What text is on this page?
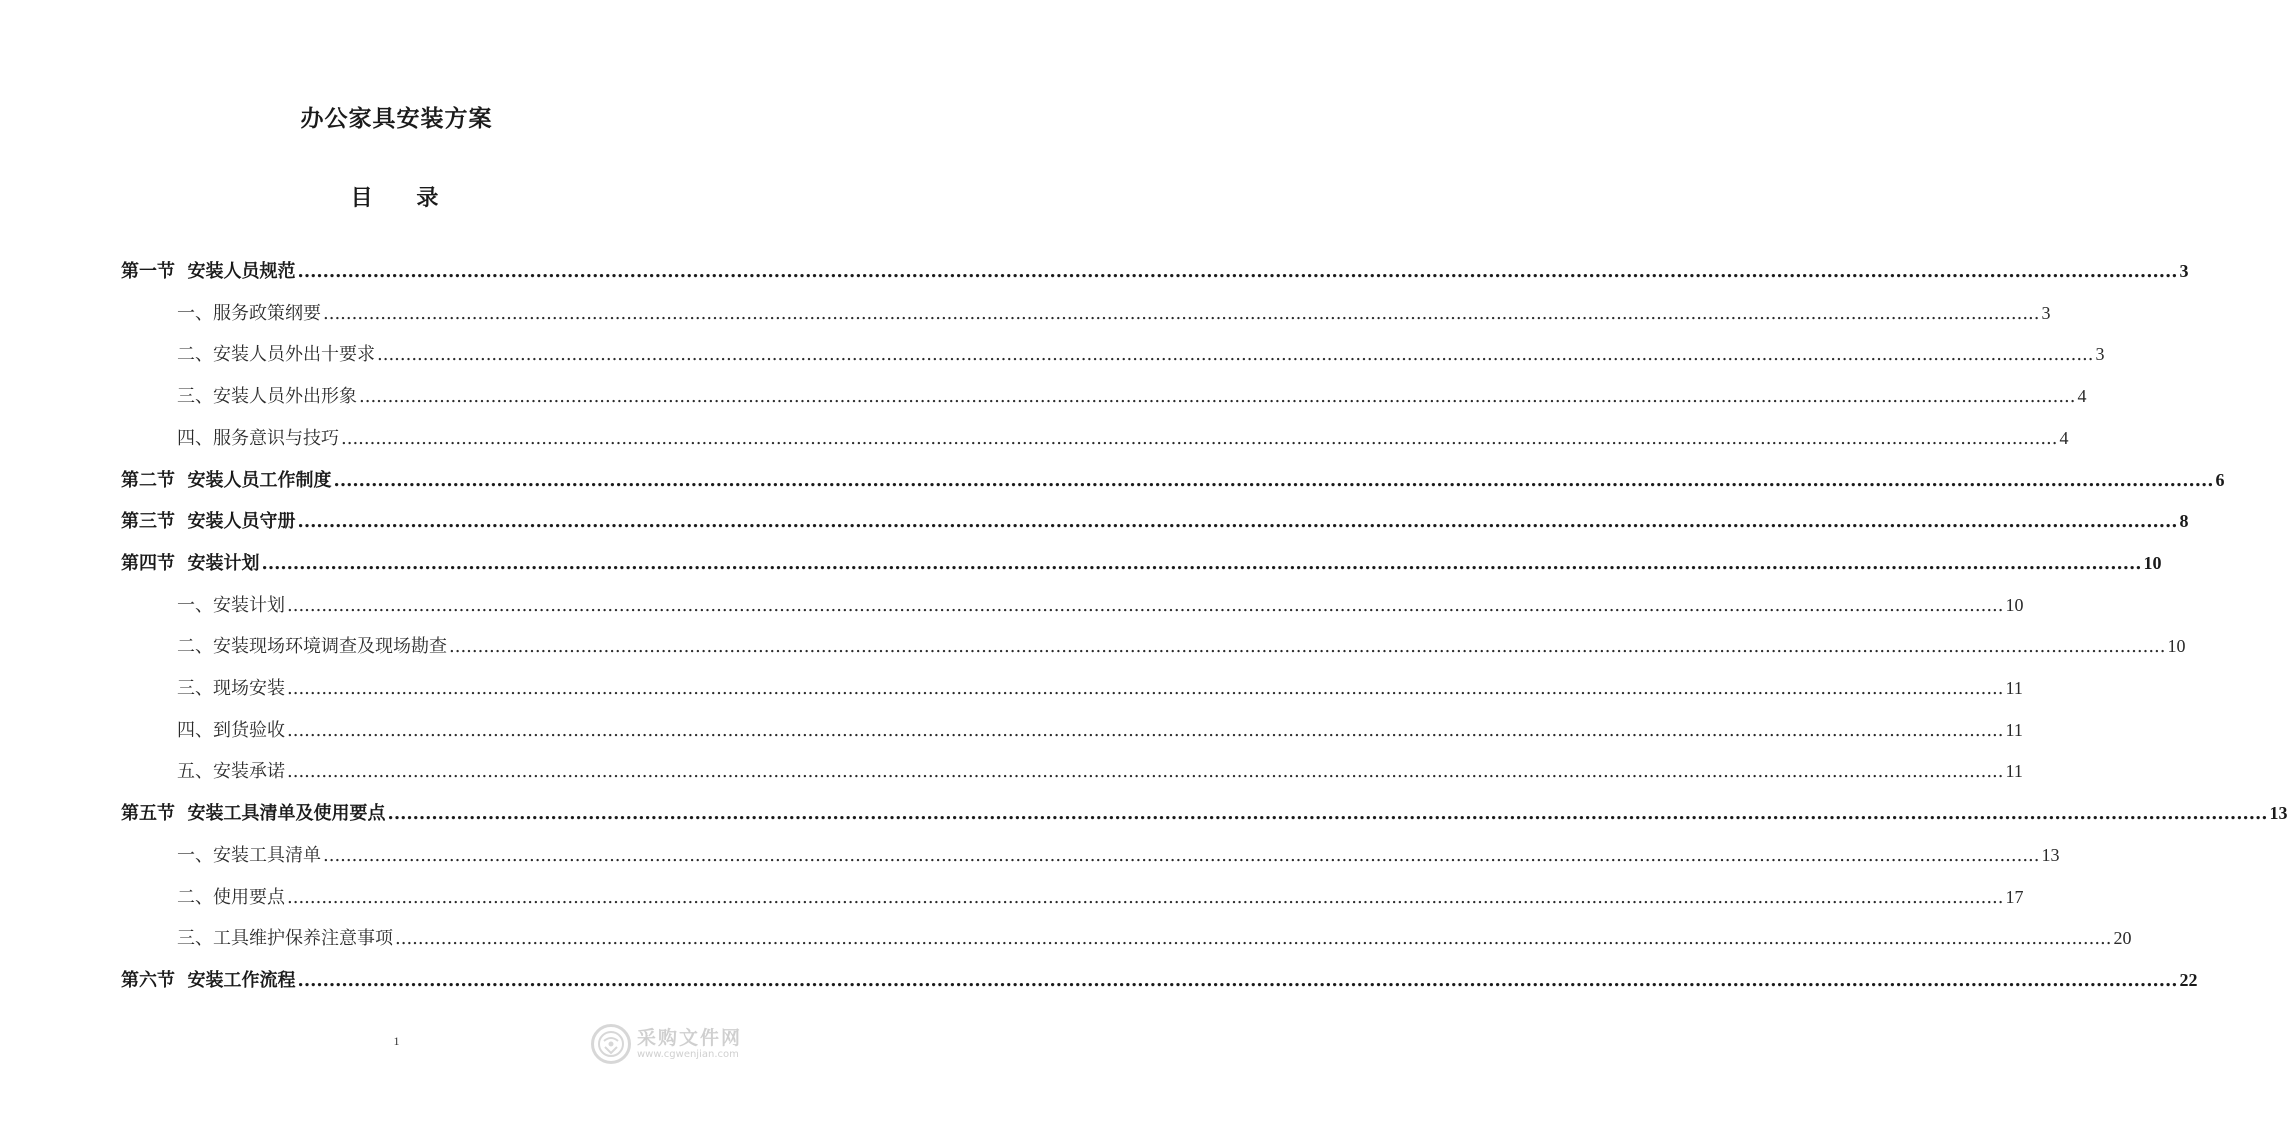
办公家具安装方案
目 录
第一节  安装人员规范 ............................................................................................................................................................................................................................................................................................................ 3
一、服务政策纲要 ............................................................................................................................................................................................................................................................................................................ 3
二、安装人员外出十要求 ............................................................................................................................................................................................................................................................................................................ 3
三、安装人员外出形象 ............................................................................................................................................................................................................................................................................................................ 4
四、服务意识与技巧 ............................................................................................................................................................................................................................................................................................................ 4
第二节  安装人员工作制度 ............................................................................................................................................................................................................................................................................................................ 6
第三节  安装人员守册 ............................................................................................................................................................................................................................................................................................................ 8
第四节  安装计划 ............................................................................................................................................................................................................................................................................................................ 10
一、安装计划 ............................................................................................................................................................................................................................................................................................................ 10
二、安装现场环境调查及现场勘查 ............................................................................................................................................................................................................................................................................................................ 10
三、现场安装 ............................................................................................................................................................................................................................................................................................................ 11
四、到货验收 ............................................................................................................................................................................................................................................................................................................ 11
五、安装承诺 ............................................................................................................................................................................................................................................................................................................ 11
第五节  安装工具清单及使用要点 ............................................................................................................................................................................................................................................................................................................ 13
一、安装工具清单 ............................................................................................................................................................................................................................................................................................................ 13
二、使用要点 ............................................................................................................................................................................................................................................................................................................ 17
三、工具维护保养注意事项 ............................................................................................................................................................................................................................................................................................................ 20
第六节  安装工作流程 ............................................................................................................................................................................................................................................................................................................ 22
1	采购文件网
www.cgwenjian.com
